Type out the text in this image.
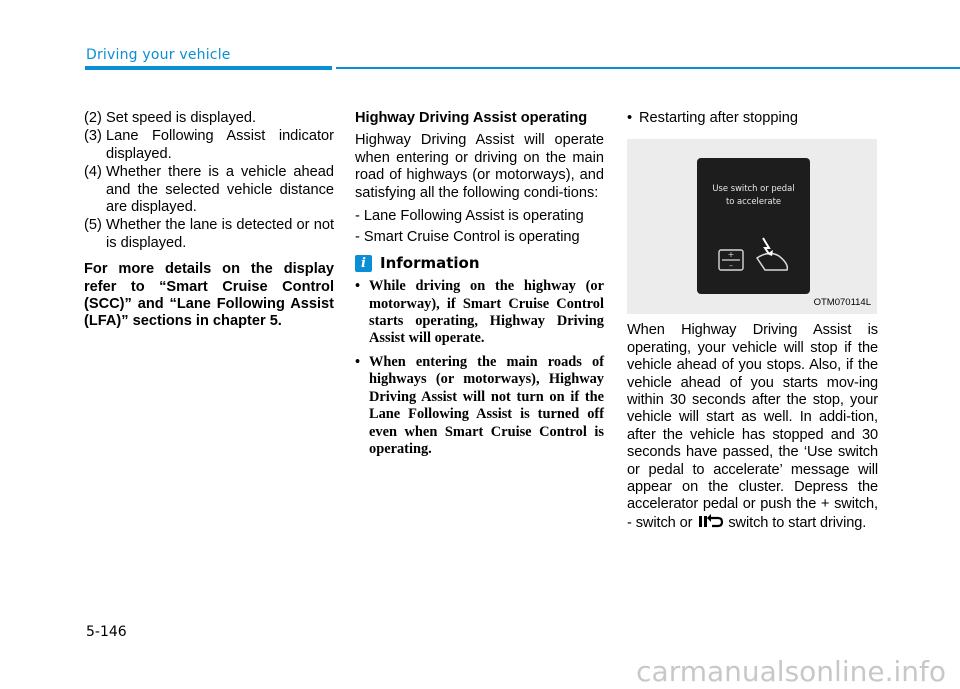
Driving your vehicle
(2) Set speed is displayed.
(3) Lane Following Assist indicator displayed.
(4) Whether there is a vehicle ahead and the selected vehicle distance are displayed.
(5) Whether the lane is detected or not is displayed.

For more details on the display refer to “Smart Cruise Control (SCC)” and “Lane Following Assist (LFA)” sections in chapter 5.

Highway Driving Assist operating

Highway Driving Assist will operate when entering or driving on the main road of highways (or motorways), and satisfying all the following condi-tions:

- Lane Following Assist is operating
- Smart Cruise Control is operating
i Information
• While driving on the highway (or motorway), if Smart Cruise Control starts operating, Highway Driving Assist will operate.
• When entering the main roads of highways (or motorways), Highway Driving Assist will not turn on if the Lane Following Assist is turned off even when Smart Cruise Control is operating.
• Restarting after stopping
Use switch or pedal
to accelerate
+
–
OTM070114L

When Highway Driving Assist is operating, your vehicle will stop if the vehicle ahead of you stops. Also, if the vehicle ahead of you starts mov-ing within 30 seconds after the stop, your vehicle will start as well. In addi-tion, after the vehicle has stopped and 30 seconds have passed, the ‘Use switch or pedal to accelerate’ message will appear on the cluster. Depress the accelerator pedal or push the + switch, - switch or switch to start driving.

5-146
carmanualsonline.info
